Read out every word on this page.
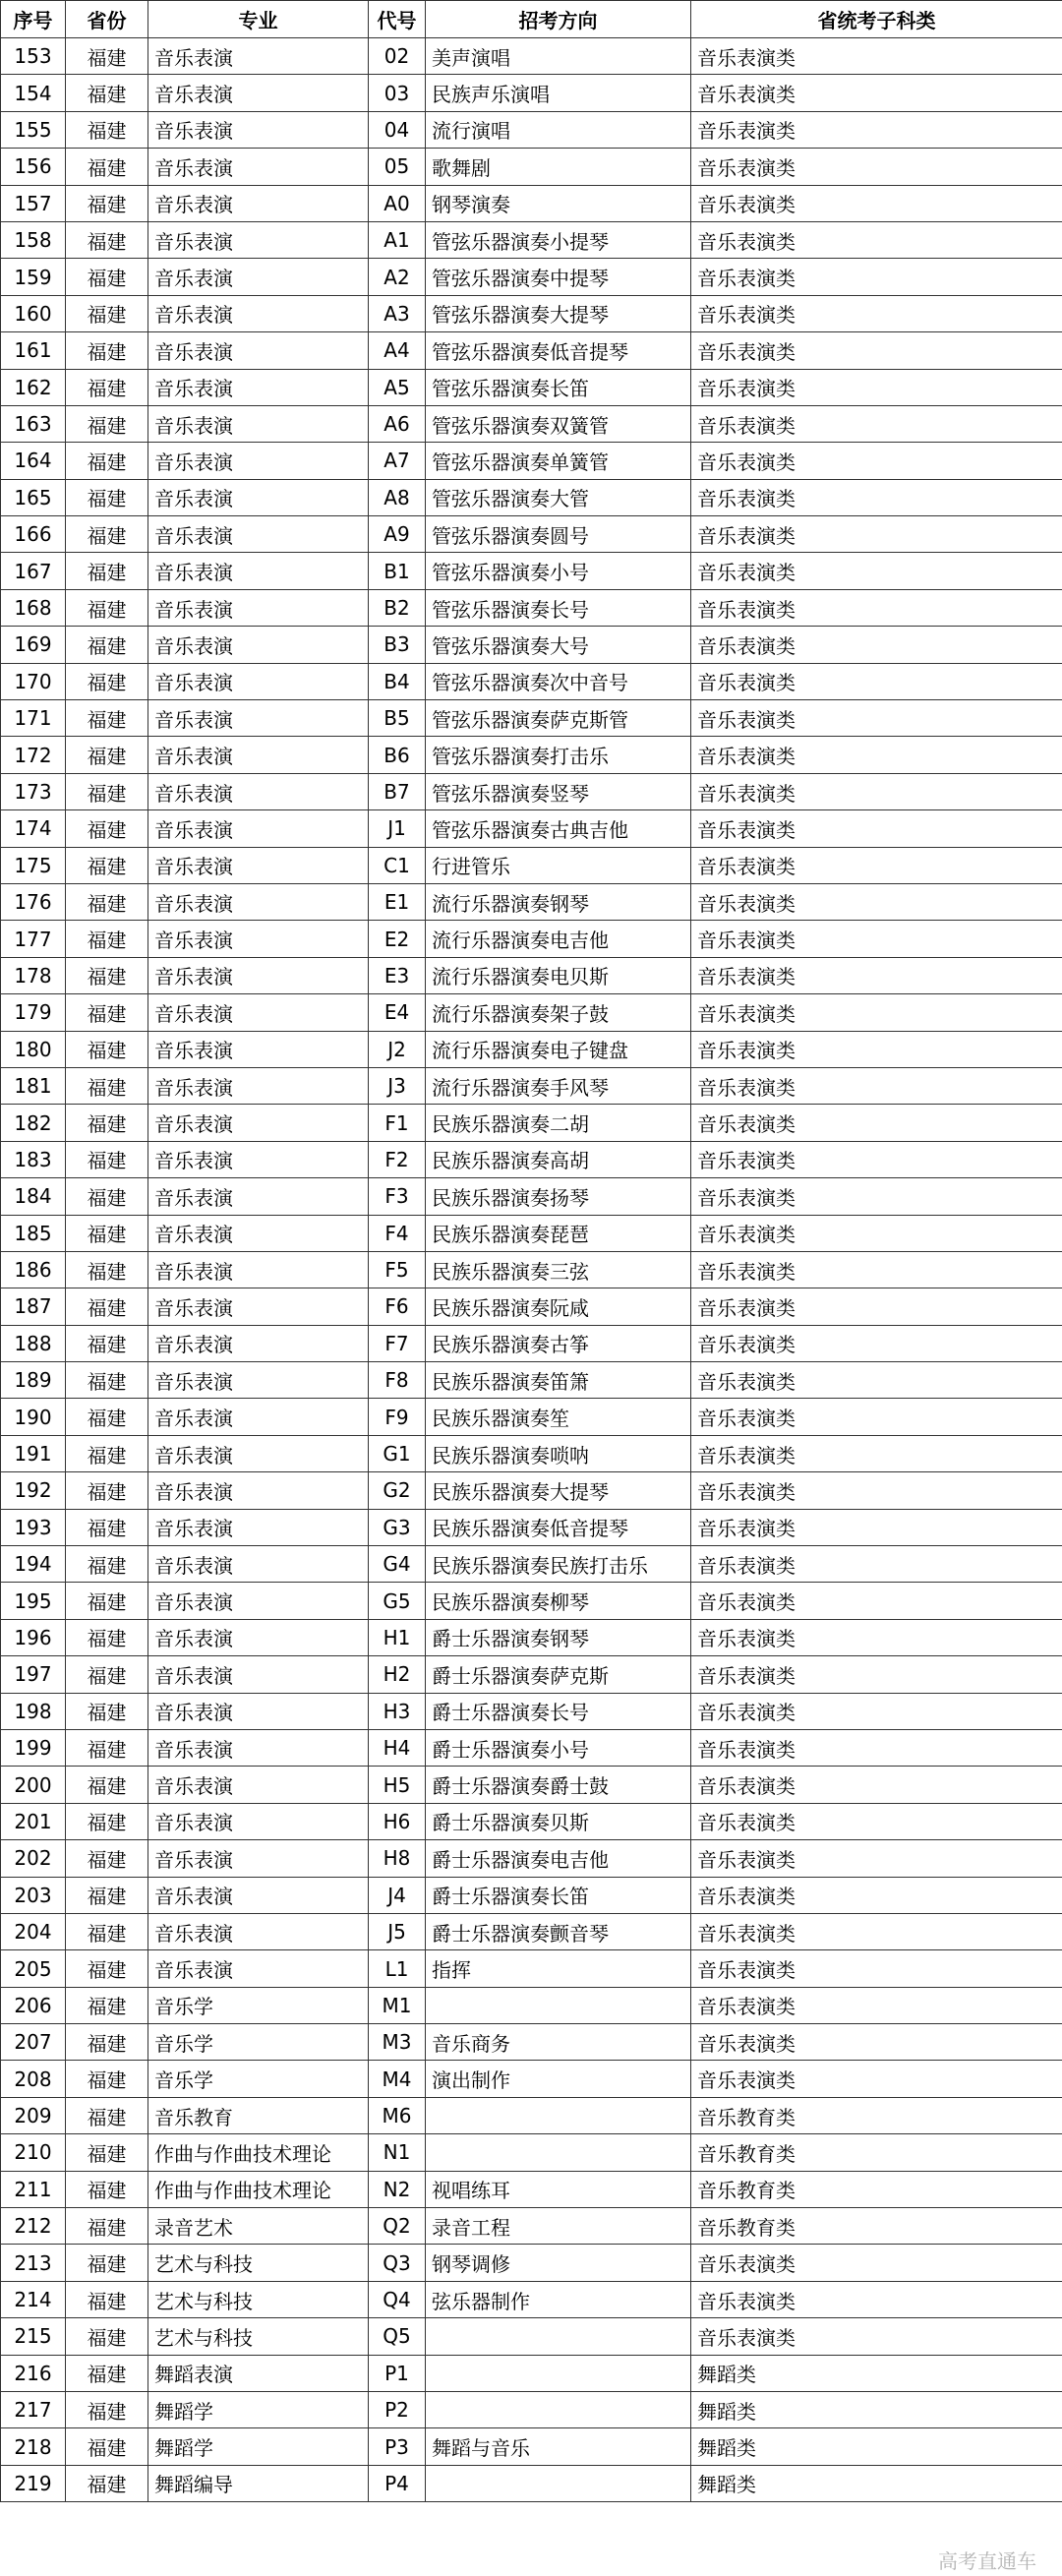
序号	省份	专业	代号	招考方向	省统考子科类
153	福建	音乐表演	02	美声演唱	音乐表演类
154	福建	音乐表演	03	民族声乐演唱	音乐表演类
155	福建	音乐表演	04	流行演唱	音乐表演类
156	福建	音乐表演	05	歌舞剧	音乐表演类
157	福建	音乐表演	A0	钢琴演奏	音乐表演类
158	福建	音乐表演	A1	管弦乐器演奏小提琴	音乐表演类
159	福建	音乐表演	A2	管弦乐器演奏中提琴	音乐表演类
160	福建	音乐表演	A3	管弦乐器演奏大提琴	音乐表演类
161	福建	音乐表演	A4	管弦乐器演奏低音提琴	音乐表演类
162	福建	音乐表演	A5	管弦乐器演奏长笛	音乐表演类
163	福建	音乐表演	A6	管弦乐器演奏双簧管	音乐表演类
164	福建	音乐表演	A7	管弦乐器演奏单簧管	音乐表演类
165	福建	音乐表演	A8	管弦乐器演奏大管	音乐表演类
166	福建	音乐表演	A9	管弦乐器演奏圆号	音乐表演类
167	福建	音乐表演	B1	管弦乐器演奏小号	音乐表演类
168	福建	音乐表演	B2	管弦乐器演奏长号	音乐表演类
169	福建	音乐表演	B3	管弦乐器演奏大号	音乐表演类
170	福建	音乐表演	B4	管弦乐器演奏次中音号	音乐表演类
171	福建	音乐表演	B5	管弦乐器演奏萨克斯管	音乐表演类
172	福建	音乐表演	B6	管弦乐器演奏打击乐	音乐表演类
173	福建	音乐表演	B7	管弦乐器演奏竖琴	音乐表演类
174	福建	音乐表演	J1	管弦乐器演奏古典吉他	音乐表演类
175	福建	音乐表演	C1	行进管乐	音乐表演类
176	福建	音乐表演	E1	流行乐器演奏钢琴	音乐表演类
177	福建	音乐表演	E2	流行乐器演奏电吉他	音乐表演类
178	福建	音乐表演	E3	流行乐器演奏电贝斯	音乐表演类
179	福建	音乐表演	E4	流行乐器演奏架子鼓	音乐表演类
180	福建	音乐表演	J2	流行乐器演奏电子键盘	音乐表演类
181	福建	音乐表演	J3	流行乐器演奏手风琴	音乐表演类
182	福建	音乐表演	F1	民族乐器演奏二胡	音乐表演类
183	福建	音乐表演	F2	民族乐器演奏高胡	音乐表演类
184	福建	音乐表演	F3	民族乐器演奏扬琴	音乐表演类
185	福建	音乐表演	F4	民族乐器演奏琵琶	音乐表演类
186	福建	音乐表演	F5	民族乐器演奏三弦	音乐表演类
187	福建	音乐表演	F6	民族乐器演奏阮咸	音乐表演类
188	福建	音乐表演	F7	民族乐器演奏古筝	音乐表演类
189	福建	音乐表演	F8	民族乐器演奏笛箫	音乐表演类
190	福建	音乐表演	F9	民族乐器演奏笙	音乐表演类
191	福建	音乐表演	G1	民族乐器演奏唢呐	音乐表演类
192	福建	音乐表演	G2	民族乐器演奏大提琴	音乐表演类
193	福建	音乐表演	G3	民族乐器演奏低音提琴	音乐表演类
194	福建	音乐表演	G4	民族乐器演奏民族打击乐	音乐表演类
195	福建	音乐表演	G5	民族乐器演奏柳琴	音乐表演类
196	福建	音乐表演	H1	爵士乐器演奏钢琴	音乐表演类
197	福建	音乐表演	H2	爵士乐器演奏萨克斯	音乐表演类
198	福建	音乐表演	H3	爵士乐器演奏长号	音乐表演类
199	福建	音乐表演	H4	爵士乐器演奏小号	音乐表演类
200	福建	音乐表演	H5	爵士乐器演奏爵士鼓	音乐表演类
201	福建	音乐表演	H6	爵士乐器演奏贝斯	音乐表演类
202	福建	音乐表演	H8	爵士乐器演奏电吉他	音乐表演类
203	福建	音乐表演	J4	爵士乐器演奏长笛	音乐表演类
204	福建	音乐表演	J5	爵士乐器演奏颤音琴	音乐表演类
205	福建	音乐表演	L1	指挥	音乐表演类
206	福建	音乐学	M1		音乐表演类
207	福建	音乐学	M3	音乐商务	音乐表演类
208	福建	音乐学	M4	演出制作	音乐表演类
209	福建	音乐教育	M6		音乐教育类
210	福建	作曲与作曲技术理论	N1		音乐教育类
211	福建	作曲与作曲技术理论	N2	视唱练耳	音乐教育类
212	福建	录音艺术	Q2	录音工程	音乐教育类
213	福建	艺术与科技	Q3	钢琴调修	音乐表演类
214	福建	艺术与科技	Q4	弦乐器制作	音乐表演类
215	福建	艺术与科技	Q5		音乐表演类
216	福建	舞蹈表演	P1		舞蹈类
217	福建	舞蹈学	P2		舞蹈类
218	福建	舞蹈学	P3	舞蹈与音乐	舞蹈类
219	福建	舞蹈编导	P4		舞蹈类
高考直通车
